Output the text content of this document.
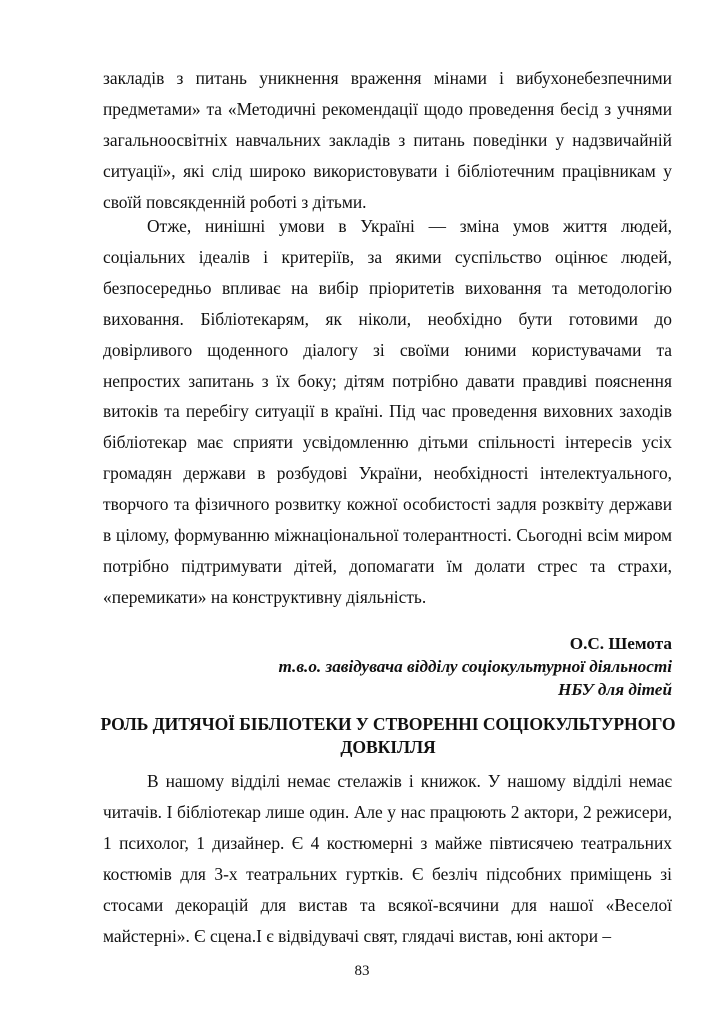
закладів з питань уникнення враження мінами і вибухонебезпечними предметами» та «Методичні рекомендації щодо проведення бесід з учнями загальноосвітніх навчальних закладів з питань поведінки у надзвичайній ситуації», які слід широко використовувати і бібліотечним працівникам у своїй повсякденній роботі з дітьми.

Отже, нинішні умови в Україні — зміна умов життя людей, соціальних ідеалів і критеріїв, за якими суспільство оцінює людей, безпосередньо впливає на вибір пріоритетів виховання та методологію виховання. Бібліотекарям, як ніколи, необхідно бути готовими до довірливого щоденного діалогу зі своїми юними користувачами та непростих запитань з їх боку; дітям потрібно давати правдиві пояснення витоків та перебігу ситуації в країні. Під час проведення виховних заходів бібліотекар має сприяти усвідомленню дітьми спільності інтересів усіх громадян держави в розбудові України, необхідності інтелектуального, творчого та фізичного розвитку кожної особистості задля розквіту держави в цілому, формуванню міжнаціональної толерантності. Сьогодні всім миром потрібно підтримувати дітей, допомагати їм долати стрес та страхи, «перемикати» на конструктивну діяльність.

О.С. Шемота
т.в.о. завідувача відділу соціокультурної діяльності
НБУ для дітей
РОЛЬ ДИТЯЧОЇ БІБЛІОТЕКИ У СТВОРЕННІ СОЦІОКУЛЬТУРНОГО ДОВКІЛЛЯ

В нашому відділі немає стелажів і книжок. У нашому відділі немає читачів. І бібліотекар лише один. Але у нас працюють 2 актори, 2 режисери, 1 психолог, 1 дизайнер. Є 4 костюмерні з майже півтисячею театральних костюмів для 3-х театральних гуртків. Є безліч підсобних приміщень зі стосами декорацій для вистав та всякої-всячини для нашої «Веселої майстерні». Є сцена.І є відвідувачі свят, глядачі вистав, юні актори –

83
